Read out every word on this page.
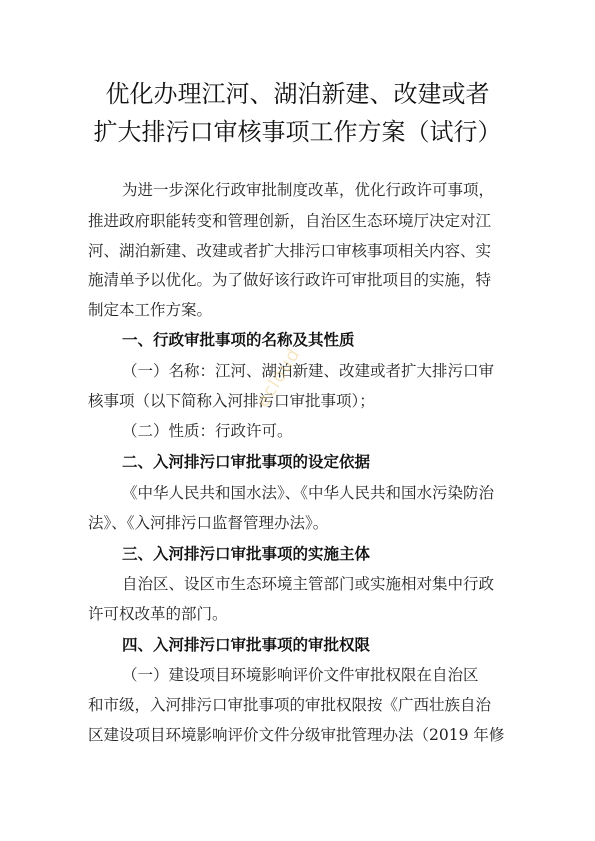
优化办理江河、湖泊新建、改建或者
扩大排污口审核事项工作方案（试行）
为进一步深化行政审批制度改革，优化行政许可事项，
推进政府职能转变和管理创新，自治区生态环境厅决定对江
河、湖泊新建、改建或者扩大排污口审核事项相关内容、实
施清单予以优化。为了做好该行政许可审批项目的实施，特
制定本工作方案。
一、行政审批事项的名称及其性质
（一）名称：江河、湖泊新建、改建或者扩大排污口审
核事项（以下简称入河排污口审批事项）；
（二）性质：行政许可。
二、入河排污口审批事项的设定依据
《中华人民共和国水法》、《中华人民共和国水污染防治
法》、《入河排污口监督管理办法》。
三、入河排污口审批事项的实施主体
自治区、设区市生态环境主管部门或实施相对集中行政
许可权改革的部门。
四、入河排污口审批事项的审批权限
（一）建设项目环境影响评价文件审批权限在自治区
和市级，入河排污口审批事项的审批权限按《广西壮族自治
区建设项目环境影响评价文件分级审批管理办法（2019 年修
ecloud
